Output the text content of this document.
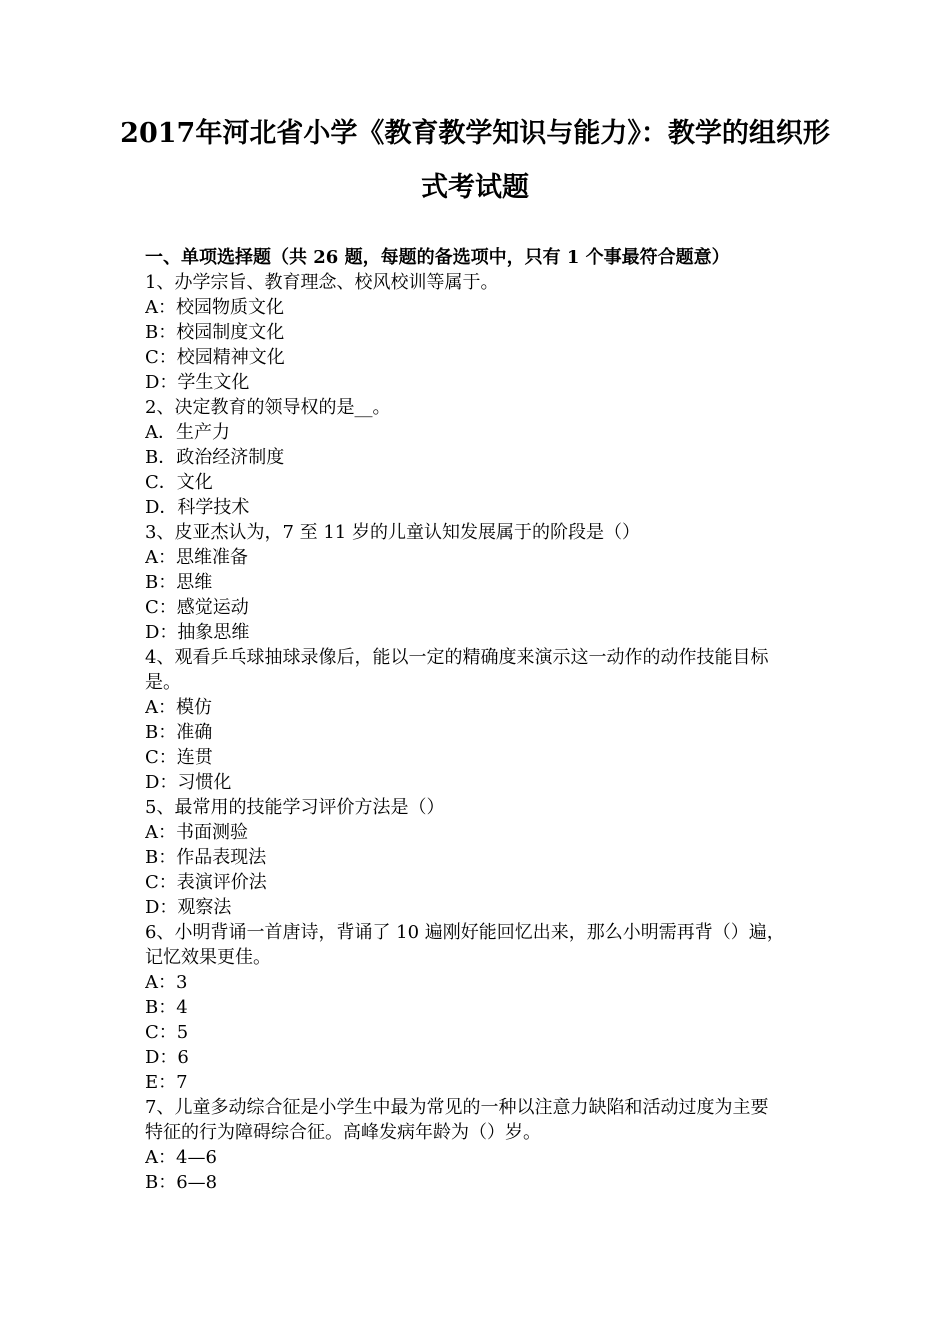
2017年河北省小学《教育教学知识与能力》：教学的组织形
式考试题
一、单项选择题（共 26 题，每题的备选项中，只有 1 个事最符合题意）
1、办学宗旨、教育理念、校风校训等属于。
A：校园物质文化
B：校园制度文化
C：校园精神文化
D：学生文化
2、决定教育的领导权的是__。
A．生产力
B．政治经济制度
C．文化
D．科学技术
3、皮亚杰认为，7 至 11 岁的儿童认知发展属于的阶段是（）
A：思维准备
B：思维
C：感觉运动
D：抽象思维
4、观看乒乓球抽球录像后，能以一定的精确度来演示这一动作的动作技能目标
是。
A：模仿
B：准确
C：连贯
D：习惯化
5、最常用的技能学习评价方法是（）
A：书面测验
B：作品表现法
C：表演评价法
D：观察法
6、小明背诵一首唐诗，背诵了 10 遍刚好能回忆出来，那么小明需再背（）遍，
记忆效果更佳。
A：3
B：4
C：5
D：6
E：7
7、儿童多动综合征是小学生中最为常见的一种以注意力缺陷和活动过度为主要
特征的行为障碍综合征。高峰发病年龄为（）岁。
A：4—6
B：6—8
